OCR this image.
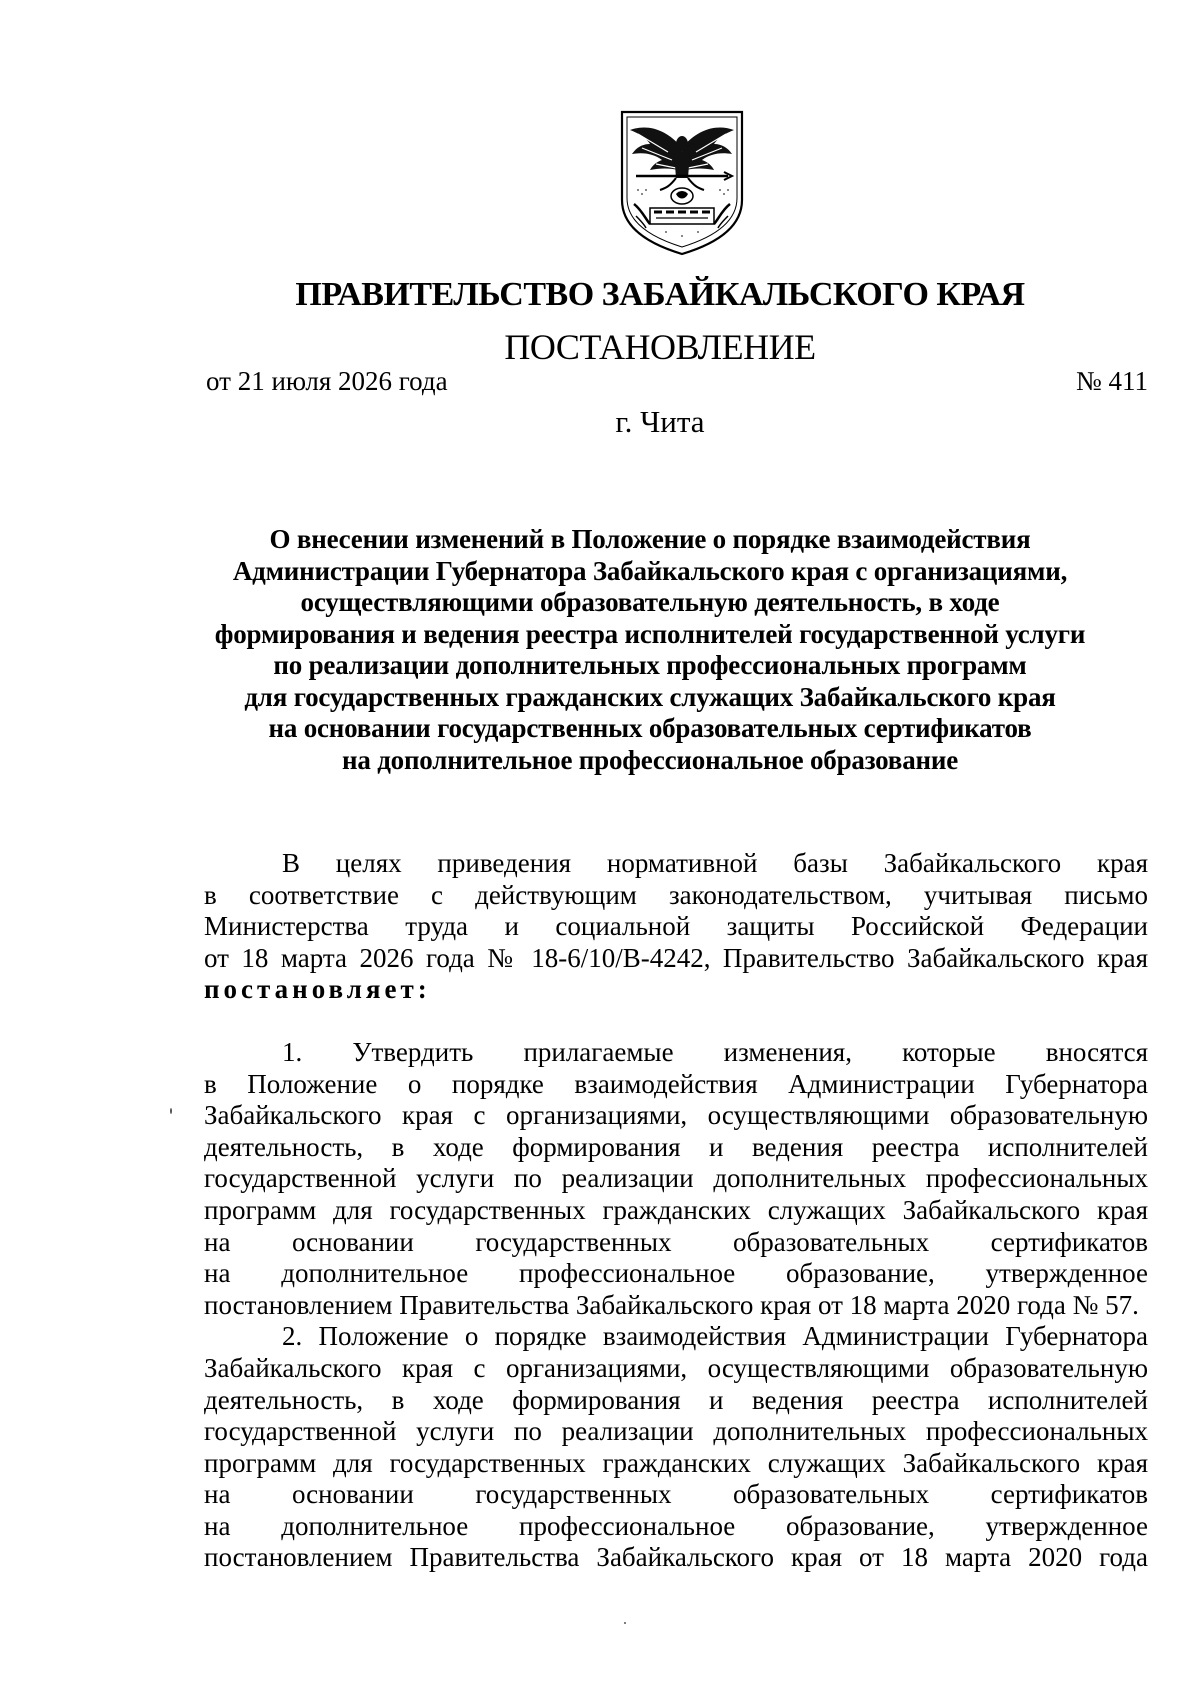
ПРАВИТЕЛЬСТВО ЗАБАЙКАЛЬСКОГО КРАЯ
ПОСТАНОВЛЕНИЕ
от 21 июля 2026 года	№ 411
г. Чита
О внесении изменений в Положение о порядке взаимодействия
Администрации Губернатора Забайкальского края с организациями,
осуществляющими образовательную деятельность, в ходе
формирования и ведения реестра исполнителей государственной услуги
по реализации дополнительных профессиональных программ
для государственных гражданских служащих Забайкальского края
на основании государственных образовательных сертификатов
на дополнительное профессиональное образование
В целях приведения нормативной базы Забайкальского края
в соответствие с действующим законодательством, учитывая письмо
Министерства труда и социальной защиты Российской Федерации
от 18 марта 2026 года № 18-6/10/В-4242, Правительство Забайкальского края
постановляет:
1. Утвердить прилагаемые изменения, которые вносятся
в Положение о порядке взаимодействия Администрации Губернатора
Забайкальского края с организациями, осуществляющими образовательную
деятельность, в ходе формирования и ведения реестра исполнителей
государственной услуги по реализации дополнительных профессиональных
программ для государственных гражданских служащих Забайкальского края
на основании государственных образовательных сертификатов
на дополнительное профессиональное образование, утвержденное
постановлением Правительства Забайкальского края от 18 марта 2020 года № 57.
2. Положение о порядке взаимодействия Администрации Губернатора
Забайкальского края с организациями, осуществляющими образовательную
деятельность, в ходе формирования и ведения реестра исполнителей
государственной услуги по реализации дополнительных профессиональных
программ для государственных гражданских служащих Забайкальского края
на основании государственных образовательных сертификатов
на дополнительное профессиональное образование, утвержденное
постановлением Правительства Забайкальского края от 18 марта 2020 года
